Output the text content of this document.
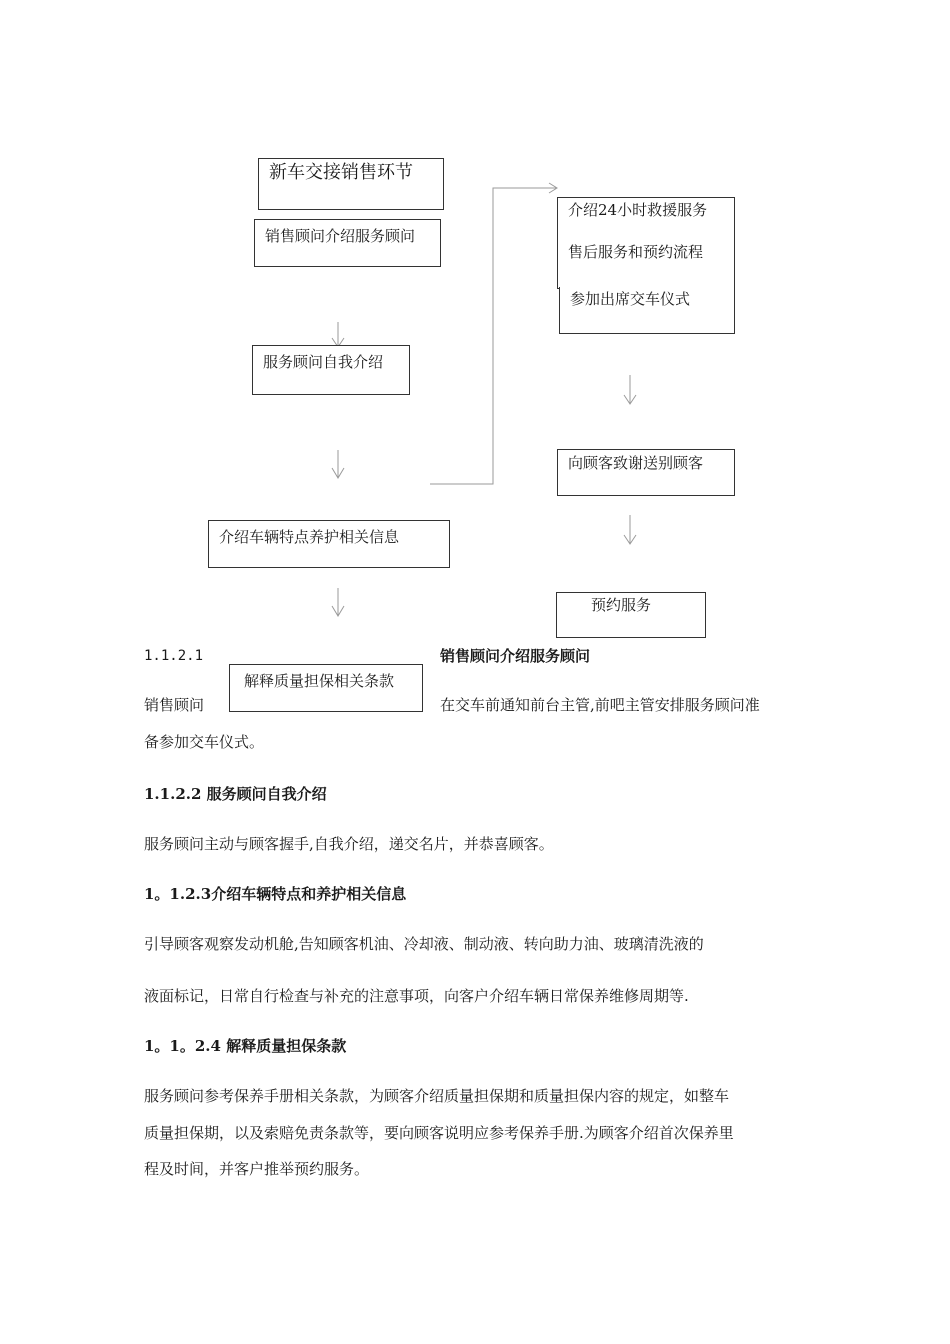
新车交接销售环节
销售顾问介绍服务顾问
服务顾问自我介绍
介绍车辆特点养护相关信息
解释质量担保相关条款
介绍24小时救援服务
售后服务和预约流程
参加出席交车仪式
向顾客致谢送别顾客
预约服务
1.1.2.1	销售顾问介绍服务顾问
销售顾问	在交车前通知前台主管,前吧主管安排服务顾问准
备参加交车仪式。
1.1.2.2 服务顾问自我介绍
服务顾问主动与顾客握手,自我介绍，递交名片，并恭喜顾客。
1。1.2.3介绍车辆特点和养护相关信息
引导顾客观察发动机舱,告知顾客机油、冷却液、制动液、转向助力油、玻璃清洗液的
液面标记，日常自行检查与补充的注意事项，向客户介绍车辆日常保养维修周期等.
1。1。2.4 解释质量担保条款
服务顾问参考保养手册相关条款，为顾客介绍质量担保期和质量担保内容的规定，如整车
质量担保期，以及索赔免责条款等，要向顾客说明应参考保养手册.为顾客介绍首次保养里
程及时间，并客户推举预约服务。
